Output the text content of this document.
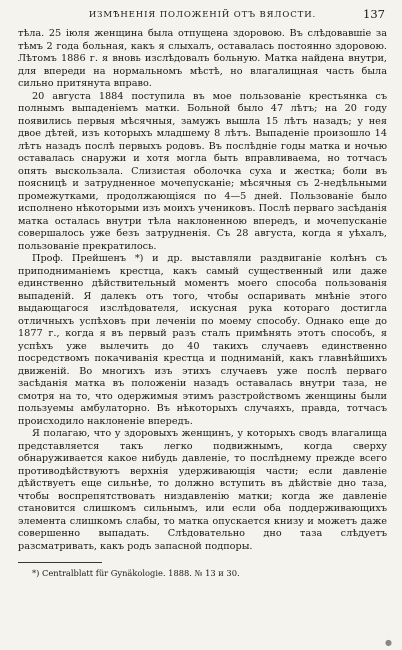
ИЗМѢНЕНІЯ ПОЛОЖЕНІЙ ОТЪ ВЯЛОСТИ.	137

тѣла. 25 іюля женщина была отпущена здоровою. Въ слѣдовавшіе за тѣмъ 2 года больная, какъ я слыхалъ, оставалась постоянно здоровою. Лѣтомъ 1886 г. я вновь изслѣдовалъ больную. Матка найдена внутри, для впереди на нормальномъ мѣстѣ, но влагалищная часть была сильно притянута вправо.

20 августа 1884 поступила въ мое пользованіе крестьянка съ полнымъ выпаденіемъ матки. Больной было 47 лѣтъ; на 20 году появились первыя мѣсячныя, замужъ вышла 15 лѣтъ назадъ; у нея двое дѣтей, изъ которыхъ младшему 8 лѣтъ. Выпаденіе произошло 14 лѣтъ назадъ послѣ первыхъ родовъ. Въ послѣдніе годы матка и ночью оставалась снаружи и хотя могла быть вправливаема, но тотчасъ опять выскользала. Слизистая оболочка суха и жестка; боли въ поясницѣ и затрудненное мочепусканіе; мѣсячныя съ 2-недѣльными промежутками, продолжающіяся по 4—5 дней. Пользованіе было исполнено нѣкоторыми изъ моихъ учениковъ. Послѣ перваго засѣданія матка осталась внутри тѣла наклоненною впередъ, и мочепусканіе совершалось уже безъ затрудненія. Съ 28 августа, когда я уѣхалъ, пользованіе прекратилось.

Проф. Прейшенъ *) и др. выставляли раздвиганіе колѣнъ съ приподниманіемъ крестца, какъ самый существенный или даже единственно дѣйствительный моментъ моего способа пользованія выпаденій. Я далекъ отъ того, чтобы оспаривать мнѣніе этого выдающагося изслѣдователя, искусная рука котораго достигла отличныхъ успѣховъ при леченіи по моему способу. Однако еще до 1877 г., когда я въ первый разъ сталъ примѣнять этотъ способъ, я успѣхъ уже вылечить до 40 такихъ случаевъ единственно посредствомъ покачиванія крестца и подниманій, какъ главнѣйшихъ движеній. Во многихъ изъ этихъ случаевъ уже послѣ перваго засѣданія матка въ положеніи назадъ оставалась внутри таза, не смотря на то, что одержимыя этимъ разстройствомъ женщины были пользуемы амбулаторно. Въ нѣкоторыхъ случаяхъ, правда, тотчасъ происходило наклоненіе впередъ.

Я полагаю, что у здоровыхъ женщинъ, у которыхъ сводъ влагалища представляется такъ легко подвижнымъ, когда сверху обнаруживается какое нибудь давленіе, то послѣднему прежде всего противодѣйствуютъ верхнія удерживающія части; если давленіе дѣйствуетъ еще сильнѣе, то должно вступить въ дѣйствіе дно таза, чтобы воспрепятствовать низдавленію матки; когда же давленіе становится слишкомъ сильнымъ, или если оба поддерживающихъ элемента слишкомъ слабы, то матка опускается книзу и можетъ даже совершенно выпадать. Слѣдовательно дно таза слѣдуетъ разсматривать, какъ родъ запасной подпоры.

*) Centralblatt für Gynäkologie. 1888. № 13 и 30.
●
